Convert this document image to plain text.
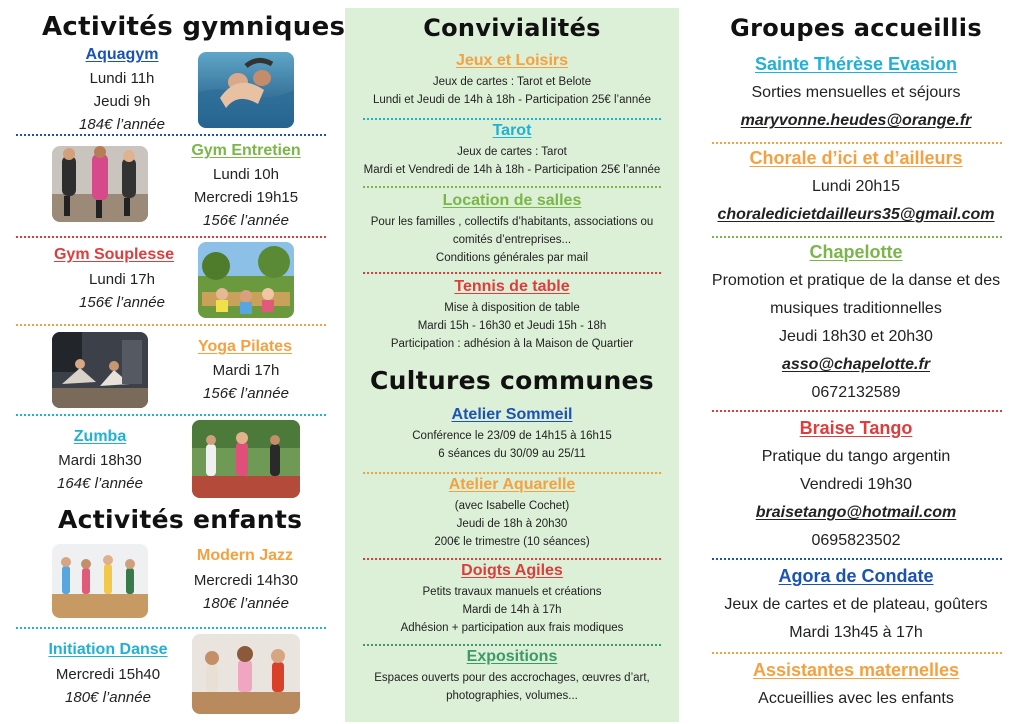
Activités gymniques
Aquagym
Lundi 11h
Jeudi 9h
184€ l’année
Gym Entretien
Lundi 10h
Mercredi 19h15
156€ l’année
Gym Souplesse
Lundi 17h
156€ l’année
Yoga Pilates
Mardi 17h
156€ l’année
Zumba
Mardi 18h30
164€ l’année
Activités enfants
Modern Jazz
Mercredi 14h30
180€ l’année
Initiation Danse
Mercredi 15h40
180€ l’année
Convivialités
Jeux et Loisirs
Jeux de cartes : Tarot et Belote
Lundi et Jeudi de 14h à 18h - Participation 25€ l’année
Tarot
Jeux de cartes : Tarot
Mardi et Vendredi de 14h à 18h - Participation 25€ l’année
Location de salles
Pour les familles , collectifs d’habitants, associations ou
comités d’entreprises...
Conditions générales par mail
Tennis de table
Mise à disposition de table
Mardi 15h - 16h30 et Jeudi 15h - 18h
Participation : adhésion à la Maison de Quartier
Cultures communes
Atelier Sommeil
Conférence le 23/09 de 14h15 à 16h15
6 séances du 30/09 au 25/11
Atelier Aquarelle
(avec Isabelle Cochet)
Jeudi de 18h à 20h30
200€ le trimestre (10 séances)
Doigts Agiles
Petits travaux manuels et créations
Mardi de 14h à 17h
Adhésion + participation aux frais modiques
Expositions
Espaces ouverts pour des accrochages, œuvres d’art,
photographies, volumes...
Groupes accueillis
Sainte Thérèse Evasion
Sorties mensuelles et séjours
maryvonne.heudes@orange.fr
Chorale d’ici et d’ailleurs
Lundi 20h15
choraledicietdailleurs35@gmail.com
Chapelotte
Promotion et pratique de la danse et des
musiques traditionnelles
Jeudi 18h30 et 20h30
asso@chapelotte.fr
0672132589
Braise Tango
Pratique du tango argentin
Vendredi 19h30
braisetango@hotmail.com
0695823502
Agora de Condate
Jeux de cartes et de plateau, goûters
Mardi 13h45 à 17h
Assistantes maternelles
Accueillies avec les enfants
